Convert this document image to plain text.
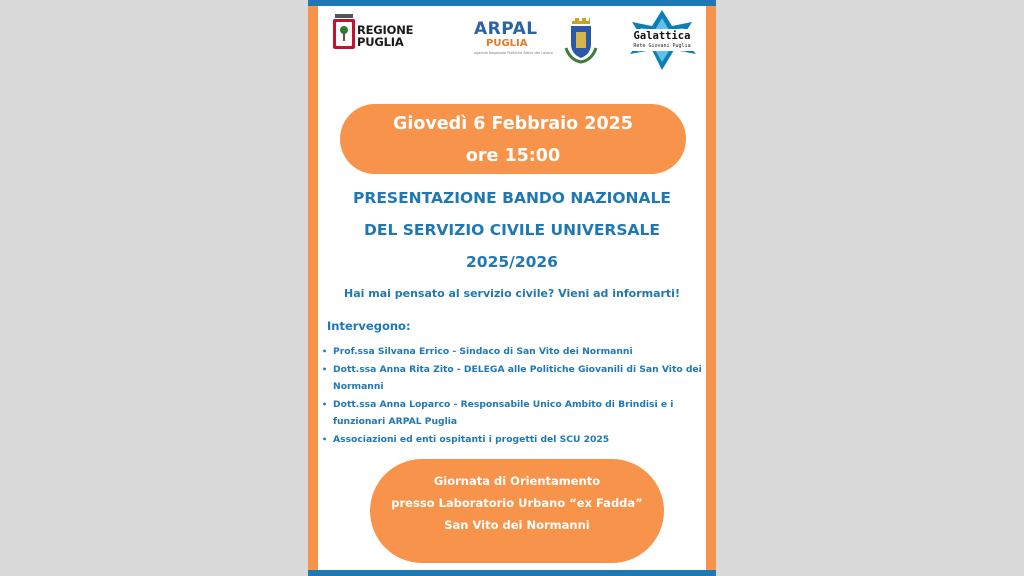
REGIONE
PUGLIA
ARPAL
PUGLIA
Agenzia Regionale Politiche Attive del Lavoro
Galattica
Rete Giovani Puglia
Giovedì 6 Febbraio 2025
ore 15:00
PRESENTAZIONE BANDO NAZIONALE
DEL SERVIZIO CIVILE UNIVERSALE
2025/2026
Hai mai pensato al servizio civile? Vieni ad informarti!
Intervegono:
• Prof.ssa Silvana Errico - Sindaco di San Vito dei Normanni
• Dott.ssa Anna Rita Zito - DELEGA alle Politiche Giovanili di San Vito dei Normanni
• Dott.ssa Anna Loparco - Responsabile Unico Ambito di Brindisi e i funzionari ARPAL Puglia
• Associazioni ed enti ospitanti i progetti del SCU 2025
Giornata di Orientamento
presso Laboratorio Urbano “ex Fadda”
San Vito dei Normanni
